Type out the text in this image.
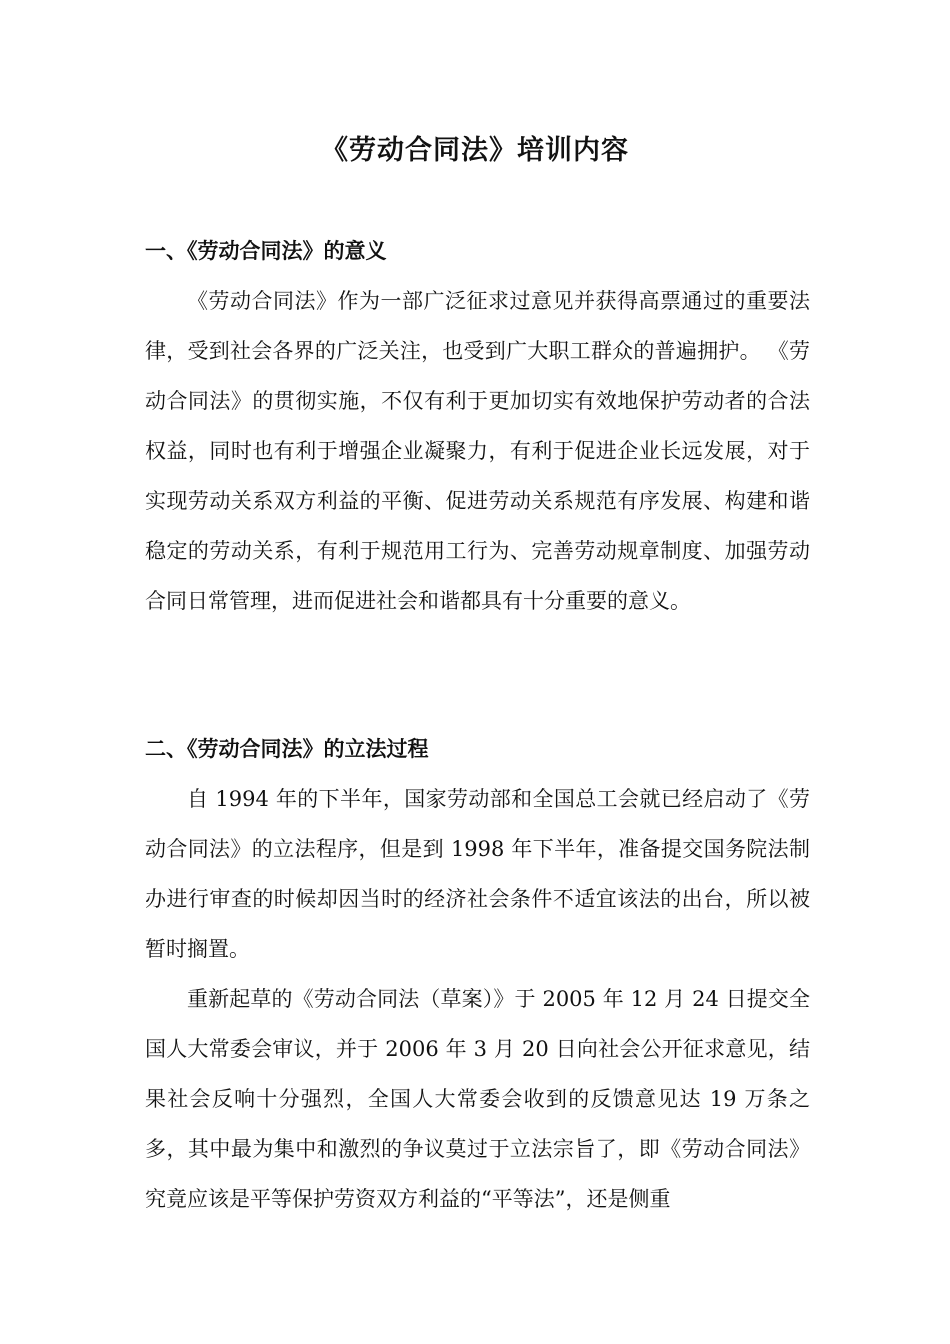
《劳动合同法》培训内容
一、《劳动合同法》的意义

《劳动合同法》作为一部广泛征求过意见并获得高票通过的重要法律，受到社会各界的广泛关注，也受到广大职工群众的普遍拥护。 《劳动合同法》的贯彻实施，不仅有利于更加切实有效地保护劳动者的合法权益，同时也有利于增强企业凝聚力，有利于促进企业长远发展，对于实现劳动关系双方利益的平衡、促进劳动关系规范有序发展、构建和谐稳定的劳动关系，有利于规范用工行为、完善劳动规章制度、加强劳动合同日常管理，进而促进社会和谐都具有十分重要的意义。

二、《劳动合同法》的立法过程

自 1994 年的下半年，国家劳动部和全国总工会就已经启动了《劳动合同法》的立法程序，但是到 1998 年下半年，准备提交国务院法制办进行审查的时候却因当时的经济社会条件不适宜该法的出台，所以被暂时搁置。

重新起草的《劳动合同法（草案）》于 2005 年 12 月 24 日提交全国人大常委会审议，并于 2006 年 3 月 20 日向社会公开征求意见，结果社会反响十分强烈，全国人大常委会收到的反馈意见达 19 万条之多，其中最为集中和激烈的争议莫过于立法宗旨了，即《劳动合同法》究竟应该是平等保护劳资双方利益的“平等法”，还是侧重
